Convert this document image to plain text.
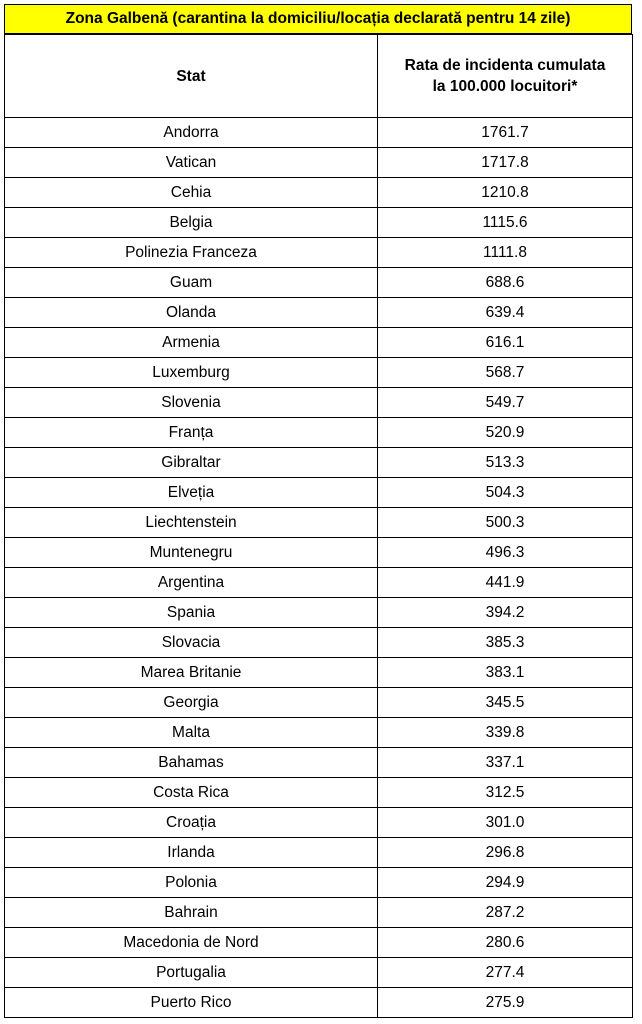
Zona Galbenă (carantina la domiciliu/locația declarată pentru 14 zile)
Stat	Rata de incidenta cumulata
la 100.000 locuitori*

Andorra	1761.7
Vatican	1717.8
Cehia	1210.8
Belgia	1115.6
Polinezia Franceza	1111.8
Guam	688.6
Olanda	639.4
Armenia	616.1
Luxemburg	568.7
Slovenia	549.7
Franța	520.9
Gibraltar	513.3
Elveția	504.3
Liechtenstein	500.3
Muntenegru	496.3
Argentina	441.9
Spania	394.2
Slovacia	385.3
Marea Britanie	383.1
Georgia	345.5
Malta	339.8
Bahamas	337.1
Costa Rica	312.5
Croația	301.0
Irlanda	296.8
Polonia	294.9
Bahrain	287.2
Macedonia de Nord	280.6
Portugalia	277.4
Puerto Rico	275.9
